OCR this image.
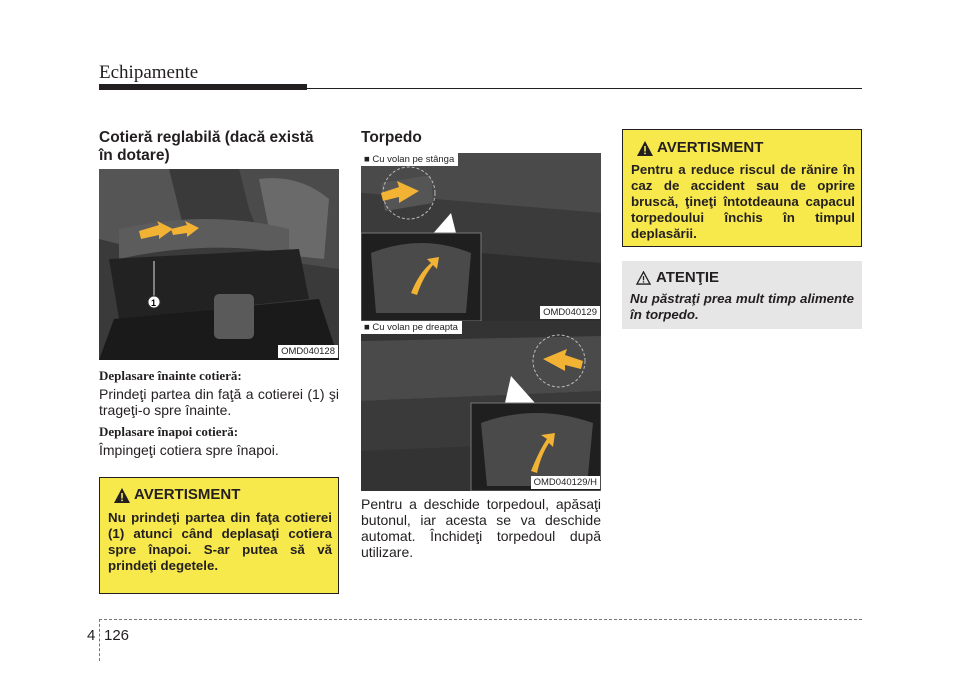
Echipamente
Cotieră reglabilă (dacă există
în dotare)
1
OMD040128
Deplasare înainte cotieră:
Prindeţi partea din faţă a cotierei (1) şi trageţi-o spre înainte.
Deplasare înapoi cotieră:
Împingeţi cotiera spre înapoi.
AVERTISMENT
Nu prindeţi partea din faţa cotierei (1) atunci când deplasaţi cotiera spre înapoi. S-ar putea să vă prindeţi degetele.
Torpedo
■ Cu volan pe stânga
OMD040129
■ Cu volan pe dreapta
OMD040129/H
Pentru a deschide torpedoul, apăsaţi butonul, iar acesta se va deschide automat. Închideţi torpedoul după utilizare.
AVERTISMENT
Pentru a reduce riscul de rănire în caz de accident sau de oprire bruscă, ţineţi întotdeauna capacul torpedoului închis în timpul deplasării.
ATENŢIE
Nu păstraţi prea mult timp alimente în torpedo.
4 126
